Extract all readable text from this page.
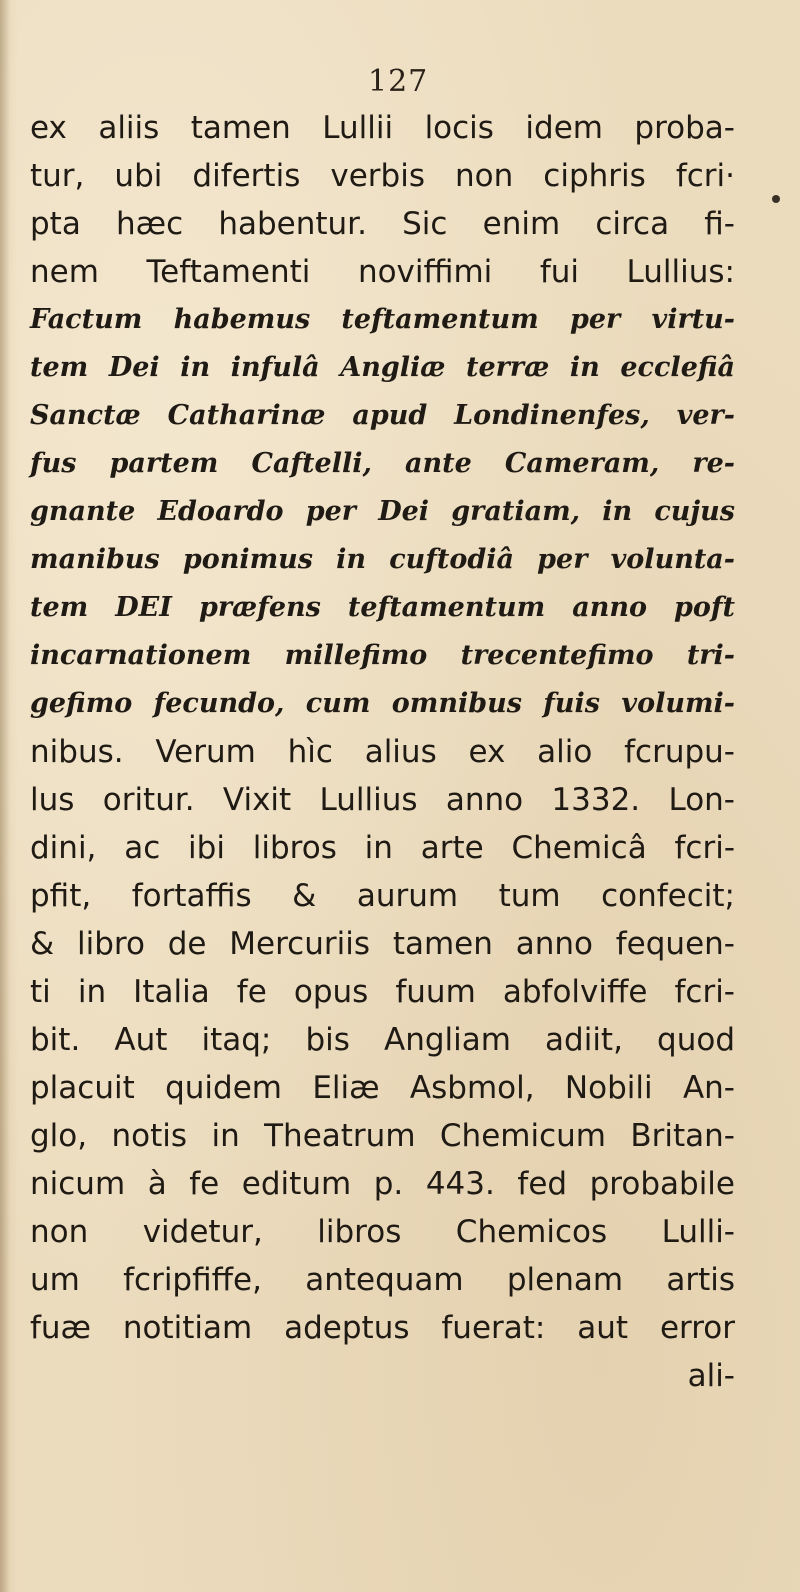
127
ex aliis tamen Lullii locis idem proba-
tur, ubi difertis verbis non ciphris fcri·
pta hæc habentur. Sic enim circa fi-
nem Teftamenti noviffimi fui Lullius:
Factum habemus teftamentum per virtu-
tem Dei in infulâ Angliæ terræ in ecclefiâ
Sanctæ Catharinæ apud Londinenfes, ver-
fus partem Caftelli, ante Cameram, re-
gnante Edoardo per Dei gratiam, in cujus
manibus ponimus in cuftodiâ per volunta-
tem DEI præfens teftamentum anno poft
incarnationem millefimo trecentefimo tri-
gefimo fecundo, cum omnibus fuis volumi-
nibus. Verum hìc alius ex alio fcrupu-
lus oritur. Vixit Lullius anno 1332. Lon-
dini, ac ibi libros in arte Chemicâ fcri-
pfit, fortaffis & aurum tum confecit;
& libro de Mercuriis tamen anno fequen-
ti in Italia fe opus fuum abfolviffe fcri-
bit. Aut itaq; bis Angliam adiit, quod
placuit quidem Eliæ Asbmol, Nobili An-
glo, notis in Theatrum Chemicum Britan-
nicum à fe editum p. 443. fed probabile
non videtur, libros Chemicos Lulli-
um fcripfiffe, antequam plenam artis
fuæ notitiam adeptus fuerat: aut error
ali-
